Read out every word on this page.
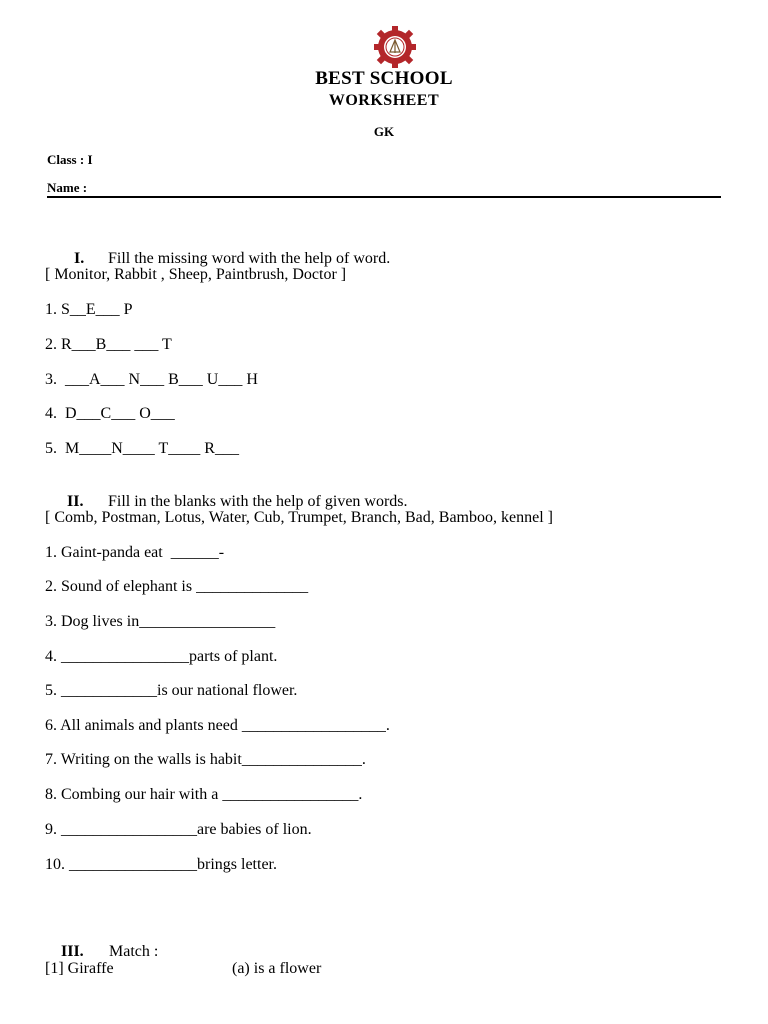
BEST SCHOOL
WORKSHEET
GK
Class : I
Name :

I. Fill the missing word with the help of word.

[ Monitor, Rabbit , Sheep, Paintbrush, Doctor ]
1. S__E___ P
2. R___B___ ___ T
3.  ___A___ N___ B___ U___ H
4.  D___C___ O___
5.  M____N____ T____ R___

II. Fill in the blanks with the help of given words.

[ Comb, Postman, Lotus, Water, Cub, Trumpet, Branch, Bad, Bamboo, kennel ]
1. Gaint-panda eat  ______-
2. Sound of elephant is ______________
3. Dog lives in_________________
4. ________________parts of plant.
5. ____________is our national flower.
6. All animals and plants need __________________.
7. Writing on the walls is habit_______________.
8. Combing our hair with a _________________.
9. _________________are babies of lion.
10. ________________brings letter.

III. Match :

[1] Giraffe	(a) is a flower
